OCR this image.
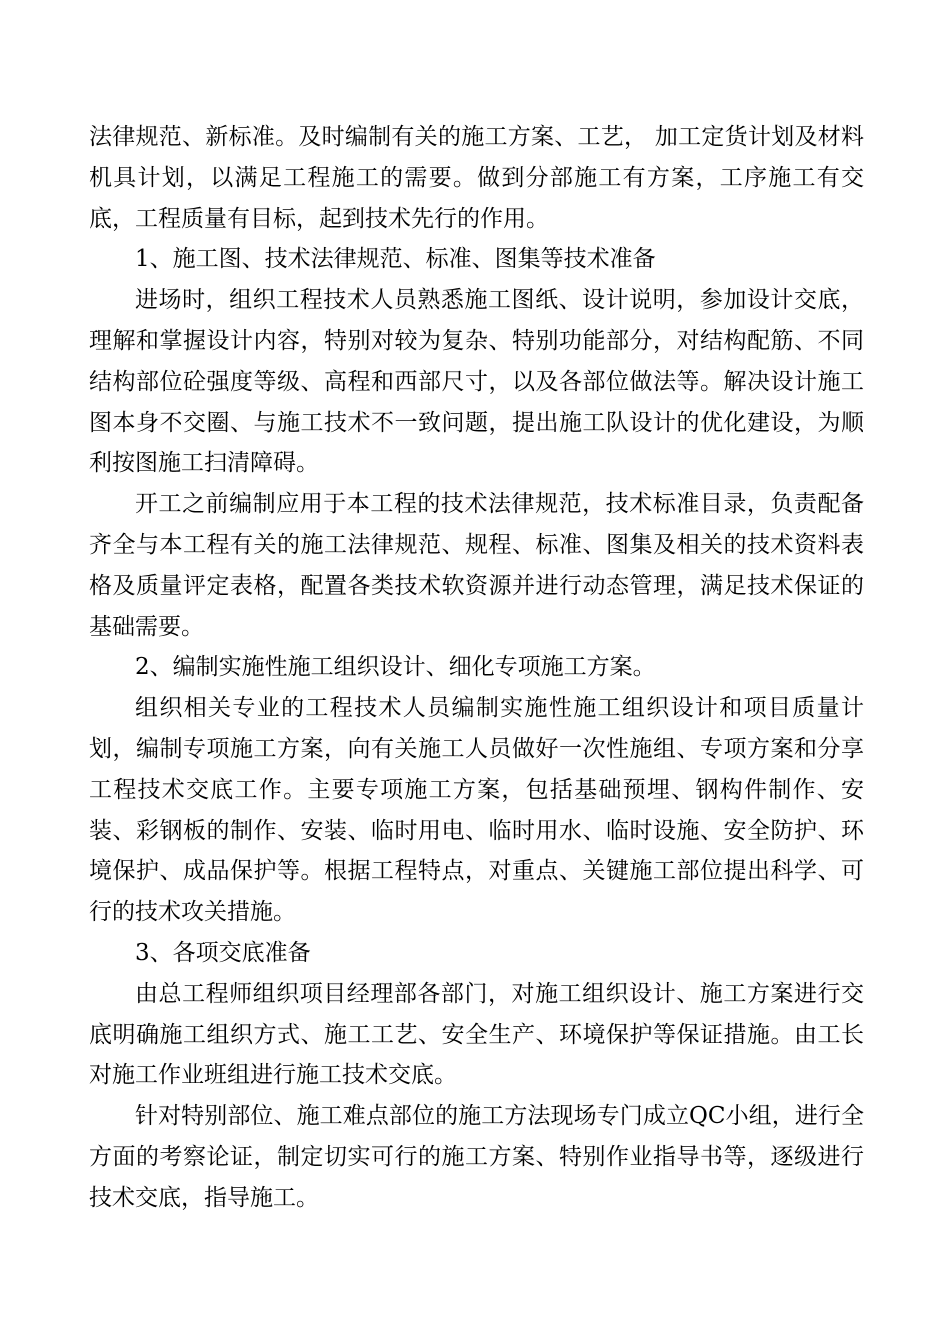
法律规范、新标准。及时编制有关的施工方案、工艺， 加工定货计划及材料机具计划，以满足工程施工的需要。做到分部施工有方案，工序施工有交底，工程质量有目标，起到技术先行的作用。

1、施工图、技术法律规范、标准、图集等技术准备

进场时，组织工程技术人员熟悉施工图纸、设计说明，参加设计交底，理解和掌握设计内容，特别对较为复杂、特别功能部分，对结构配筋、不同结构部位砼强度等级、高程和西部尺寸，以及各部位做法等。解决设计施工图本身不交圈、与施工技术不一致问题，提出施工队设计的优化建设，为顺利按图施工扫清障碍。

开工之前编制应用于本工程的技术法律规范，技术标准目录，负责配备齐全与本工程有关的施工法律规范、规程、标准、图集及相关的技术资料表格及质量评定表格，配置各类技术软资源并进行动态管理，满足技术保证的基础需要。

2、编制实施性施工组织设计、细化专项施工方案。

组织相关专业的工程技术人员编制实施性施工组织设计和项目质量计划，编制专项施工方案，向有关施工人员做好一次性施组、专项方案和分享工程技术交底工作。主要专项施工方案，包括基础预埋、钢构件制作、安装、彩钢板的制作、安装、临时用电、临时用水、临时设施、安全防护、环境保护、成品保护等。根据工程特点，对重点、关键施工部位提出科学、可行的技术攻关措施。

3、各项交底准备

由总工程师组织项目经理部各部门，对施工组织设计、施工方案进行交底明确施工组织方式、施工工艺、安全生产、环境保护等保证措施。由工长对施工作业班组进行施工技术交底。

针对特别部位、施工难点部位的施工方法现场专门成立QC小组，进行全方面的考察论证，制定切实可行的施工方案、特别作业指导书等，逐级进行技术交底，指导施工。
